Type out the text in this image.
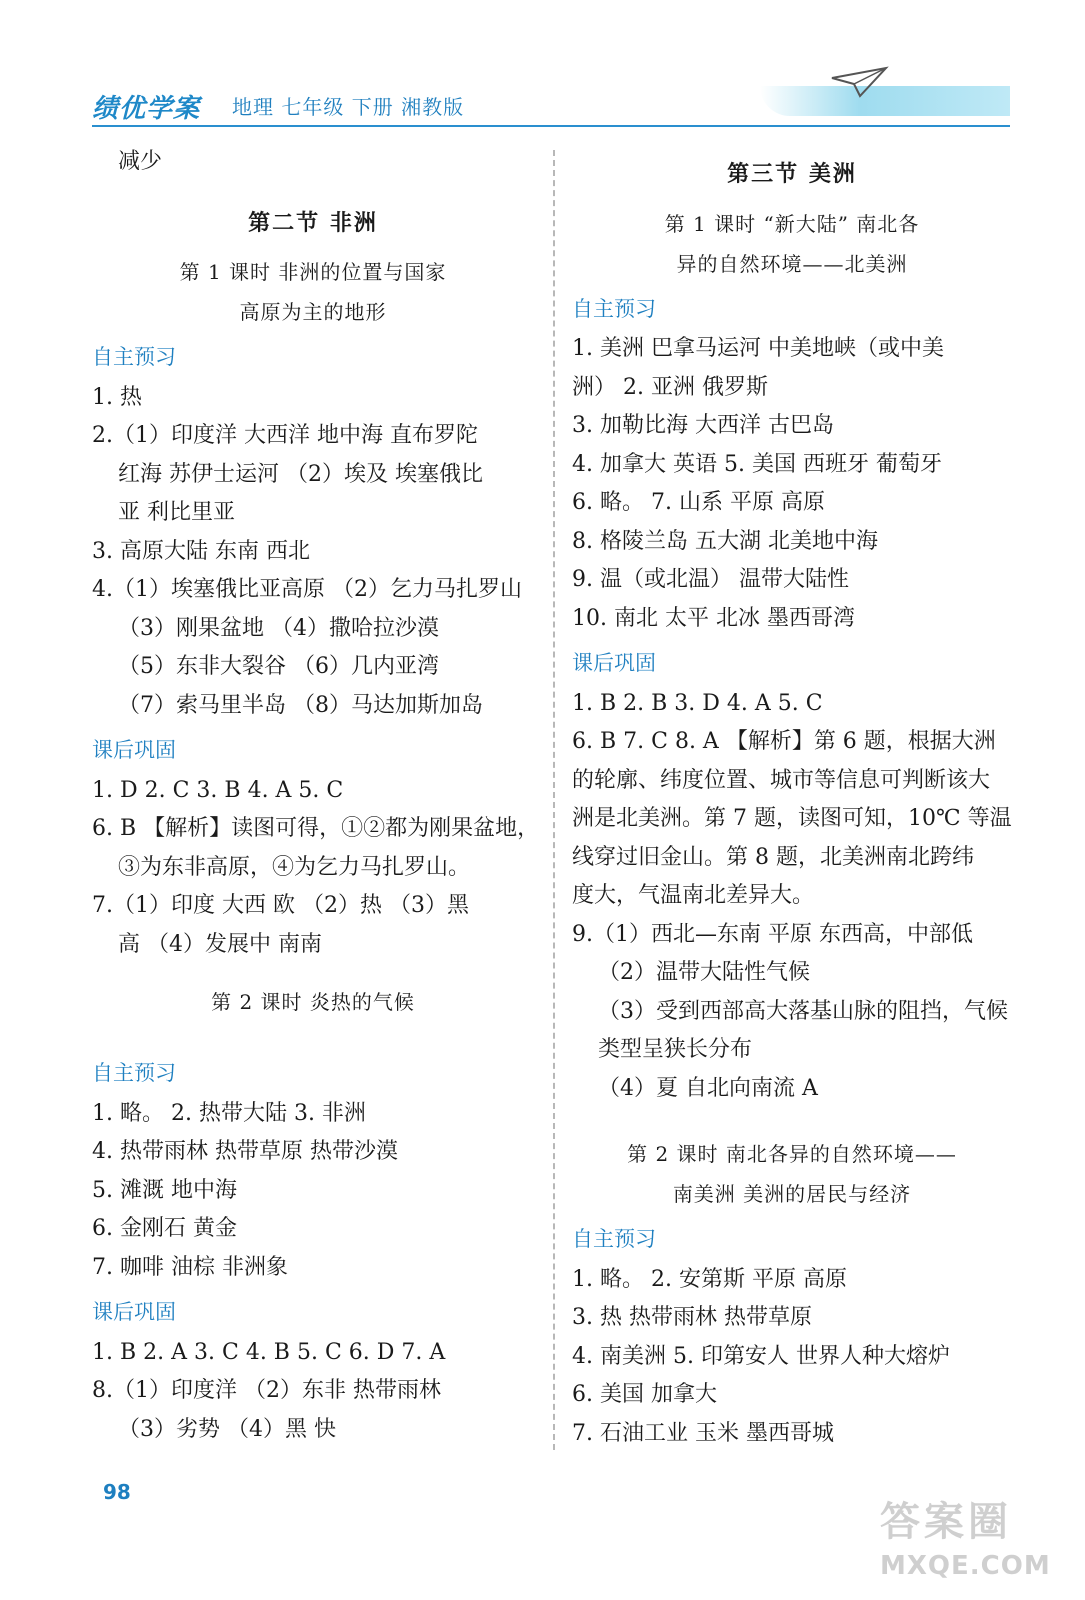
绩优学案 地理 七年级 下册 湘教版
减少
第二节 非洲
第 1 课时 非洲的位置与国家
高原为主的地形
自主预习
1. 热
2.（1）印度洋 大西洋 地中海 直布罗陀
红海 苏伊士运河 （2）埃及 埃塞俄比
亚 利比里亚
3. 高原大陆 东南 西北
4.（1）埃塞俄比亚高原 （2）乞力马扎罗山
（3）刚果盆地 （4）撒哈拉沙漠
（5）东非大裂谷 （6）几内亚湾
（7）索马里半岛 （8）马达加斯加岛
课后巩固
1. D 2. C 3. B 4. A 5. C
6. B 【解析】读图可得，①②都为刚果盆地，
③为东非高原，④为乞力马扎罗山。
7.（1）印度 大西 欧 （2）热 （3）黑
高 （4）发展中 南南
第 2 课时 炎热的气候
自主预习
1. 略。 2. 热带大陆 3. 非洲
4. 热带雨林 热带草原 热带沙漠
5. 滩溉 地中海
6. 金刚石 黄金
7. 咖啡 油棕 非洲象
课后巩固
1. B 2. A 3. C 4. B 5. C 6. D 7. A
8.（1）印度洋 （2）东非 热带雨林
（3）劣势 （4）黑 快
第三节 美洲
第 1 课时 “新大陆” 南北各
异的自然环境——北美洲
自主预习
1. 美洲 巴拿马运河 中美地峡（或中美
洲） 2. 亚洲 俄罗斯
3. 加勒比海 大西洋 古巴岛
4. 加拿大 英语 5. 美国 西班牙 葡萄牙
6. 略。 7. 山系 平原 高原
8. 格陵兰岛 五大湖 北美地中海
9. 温（或北温） 温带大陆性
10. 南北 太平 北冰 墨西哥湾
课后巩固
1. B 2. B 3. D 4. A 5. C
6. B 7. C 8. A 【解析】第 6 题，根据大洲
的轮廓、纬度位置、城市等信息可判断该大
洲是北美洲。第 7 题，读图可知，10℃ 等温
线穿过旧金山。第 8 题，北美洲南北跨纬
度大，气温南北差异大。
9.（1）西北—东南 平原 东西高，中部低
（2）温带大陆性气候
（3）受到西部高大落基山脉的阻挡，气候
类型呈狭长分布
（4）夏 自北向南流 A
第 2 课时 南北各异的自然环境——
南美洲 美洲的居民与经济
自主预习
1. 略。 2. 安第斯 平原 高原
3. 热 热带雨林 热带草原
4. 南美洲 5. 印第安人 世界人种大熔炉
6. 美国 加拿大
7. 石油工业 玉米 墨西哥城
98
答案圈
MXQE.COM
